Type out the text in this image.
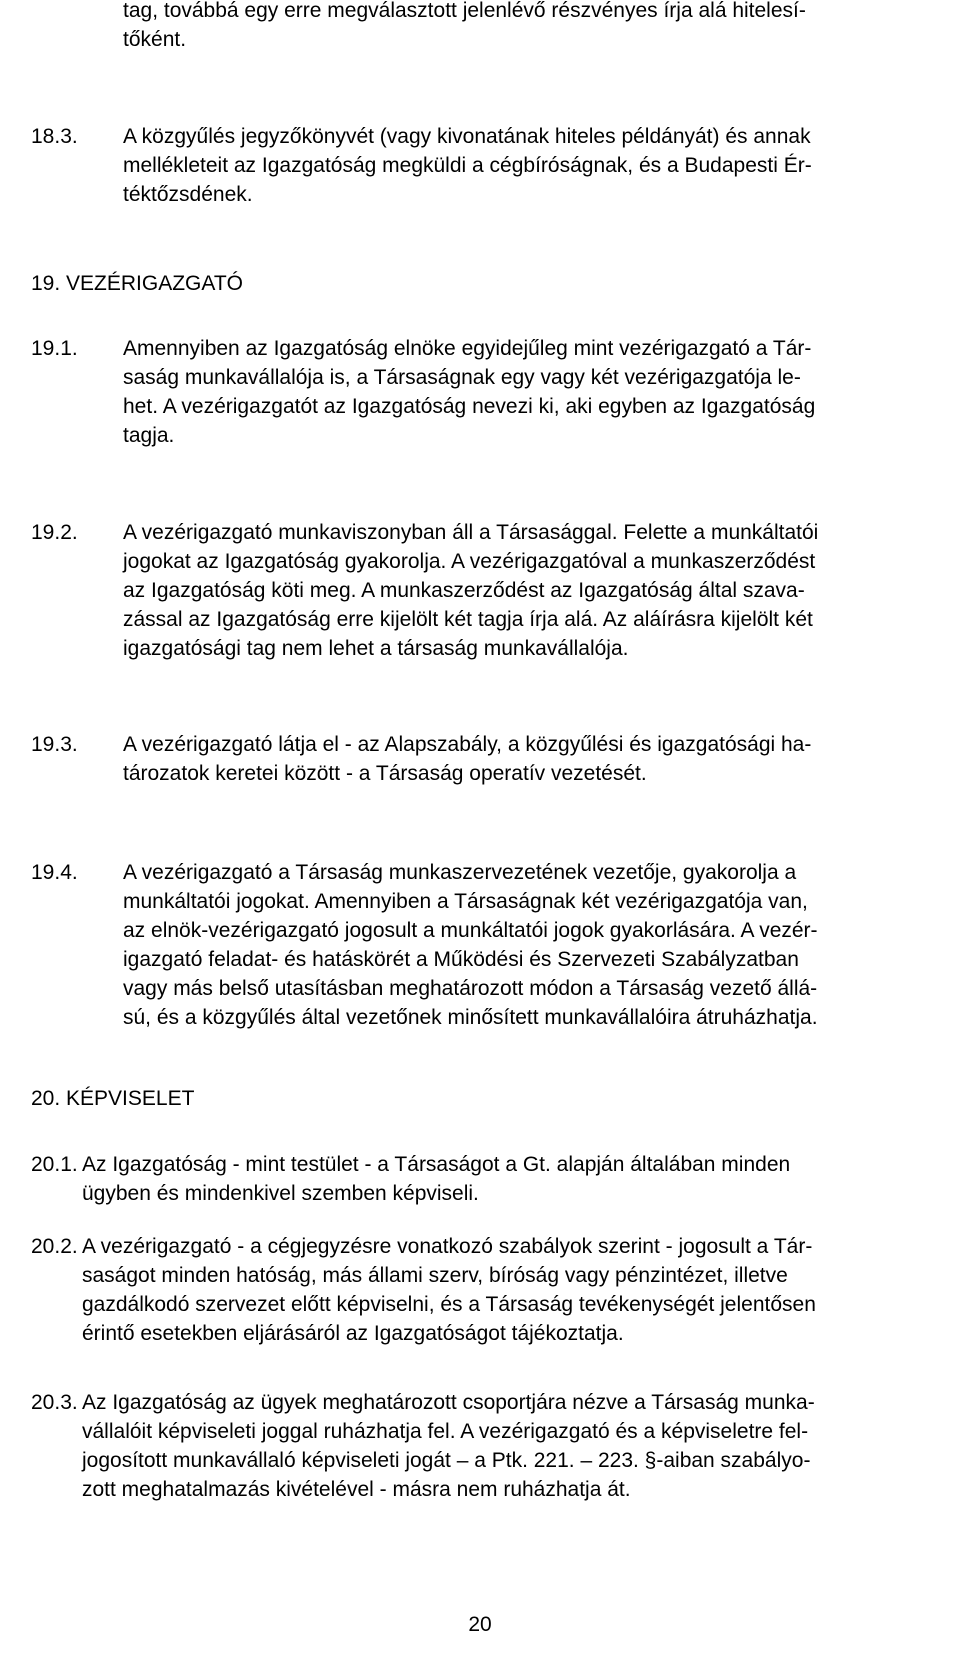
tag, továbbá egy erre megválasztott jelenlévő részvényes írja alá hitelesí-
tőként.
18.3. A közgyűlés jegyzőkönyvét (vagy kivonatának hiteles példányát) és annak
mellékleteit az Igazgatóság megküldi a cégbíróságnak, és a Budapesti Ér-
téktőzsdének.
19. VEZÉRIGAZGATÓ
19.1. Amennyiben az Igazgatóság elnöke egyidejűleg mint vezérigazgató a Tár-
saság munkavállalója is, a Társaságnak egy vagy két vezérigazgatója le-
het. A vezérigazgatót az Igazgatóság nevezi ki, aki egyben az Igazgatóság
tagja.
19.2. A vezérigazgató munkaviszonyban áll a Társasággal. Felette a munkáltatói
jogokat az Igazgatóság gyakorolja. A vezérigazgatóval a munkaszerződést
az Igazgatóság köti meg. A munkaszerződést az Igazgatóság által szava-
zással az Igazgatóság erre kijelölt két tagja írja alá. Az aláírásra kijelölt két
igazgatósági tag nem lehet a társaság munkavállalója.
19.3. A vezérigazgató látja el - az Alapszabály, a közgyűlési és igazgatósági ha-
tározatok keretei között - a Társaság operatív vezetését.
19.4. A vezérigazgató a Társaság munkaszervezetének vezetője, gyakorolja a
munkáltatói jogokat. Amennyiben a Társaságnak két vezérigazgatója van,
az elnök-vezérigazgató jogosult a munkáltatói jogok gyakorlására. A vezér-
igazgató feladat- és hatáskörét a Működési és Szervezeti Szabályzatban
vagy más belső utasításban meghatározott módon a Társaság vezető állá-
sú, és a közgyűlés által vezetőnek minősített munkavállalóira átruházhatja.
20. KÉPVISELET
20.1. Az Igazgatóság - mint testület - a Társaságot a Gt. alapján általában minden
ügyben és mindenkivel szemben képviseli.
20.2. A vezérigazgató - a cégjegyzésre vonatkozó szabályok szerint - jogosult a Tár-
saságot minden hatóság, más állami szerv, bíróság vagy pénzintézet, illetve
gazdálkodó szervezet előtt képviselni, és a Társaság tevékenységét jelentősen
érintő esetekben eljárásáról az Igazgatóságot tájékoztatja.
20.3. Az Igazgatóság az ügyek meghatározott csoportjára nézve a Társaság munka-
vállalóit képviseleti joggal ruházhatja fel. A vezérigazgató és a képviseletre fel-
jogosított munkavállaló képviseleti jogát – a Ptk. 221. – 223. §-aiban szabályo-
zott meghatalmazás kivételével - másra nem ruházhatja át.
20
